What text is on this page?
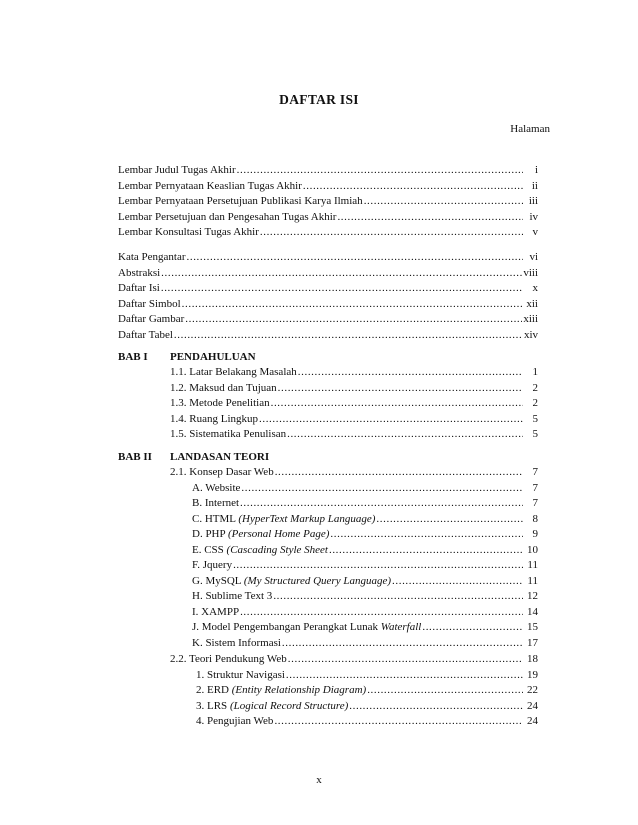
DAFTAR ISI
Halaman
Lembar Judul Tugas Akhir .....	i
Lembar Pernyataan Keaslian Tugas Akhir .....	ii
Lembar Pernyataan Persetujuan Publikasi Karya Ilmiah .....	iii
Lembar Persetujuan dan Pengesahan Tugas Akhir .....	iv
Lembar Konsultasi Tugas Akhir .....	v
Kata Pengantar .....	vi
Abstraksi .....	viii
Daftar Isi .....	x
Daftar Simbol .....	xii
Daftar Gambar .....	xiii
Daftar Tabel .....	xiv
BAB I	PENDAHULUAN
1.1. Latar Belakang Masalah .....	1
1.2. Maksud dan Tujuan .....	2
1.3. Metode Penelitian .....	2
1.4. Ruang Lingkup .....	5
1.5. Sistematika Penulisan .....	5
BAB II	LANDASAN TEORI
2.1. Konsep Dasar Web .....	7
A. Website .....	7
B. Internet .....	7
C. HTML (HyperText Markup Language) .....	8
D. PHP (Personal Home Page) .....	9
E. CSS (Cascading Style Sheet .....	10
F. Jquery .....	11
G. MySQL (My Structured Query Language) .....	11
H. Sublime Text 3 .....	12
I. XAMPP .....	14
J. Model Pengembangan Perangkat Lunak Waterfall .....	15
K. Sistem Informasi .....	17
2.2. Teori Pendukung Web .....	18
1. Struktur Navigasi .....	19
2. ERD (Entity Relationship Diagram) .....	22
3. LRS (Logical Record Structure) .....	24
4. Pengujian Web .....	24
x
